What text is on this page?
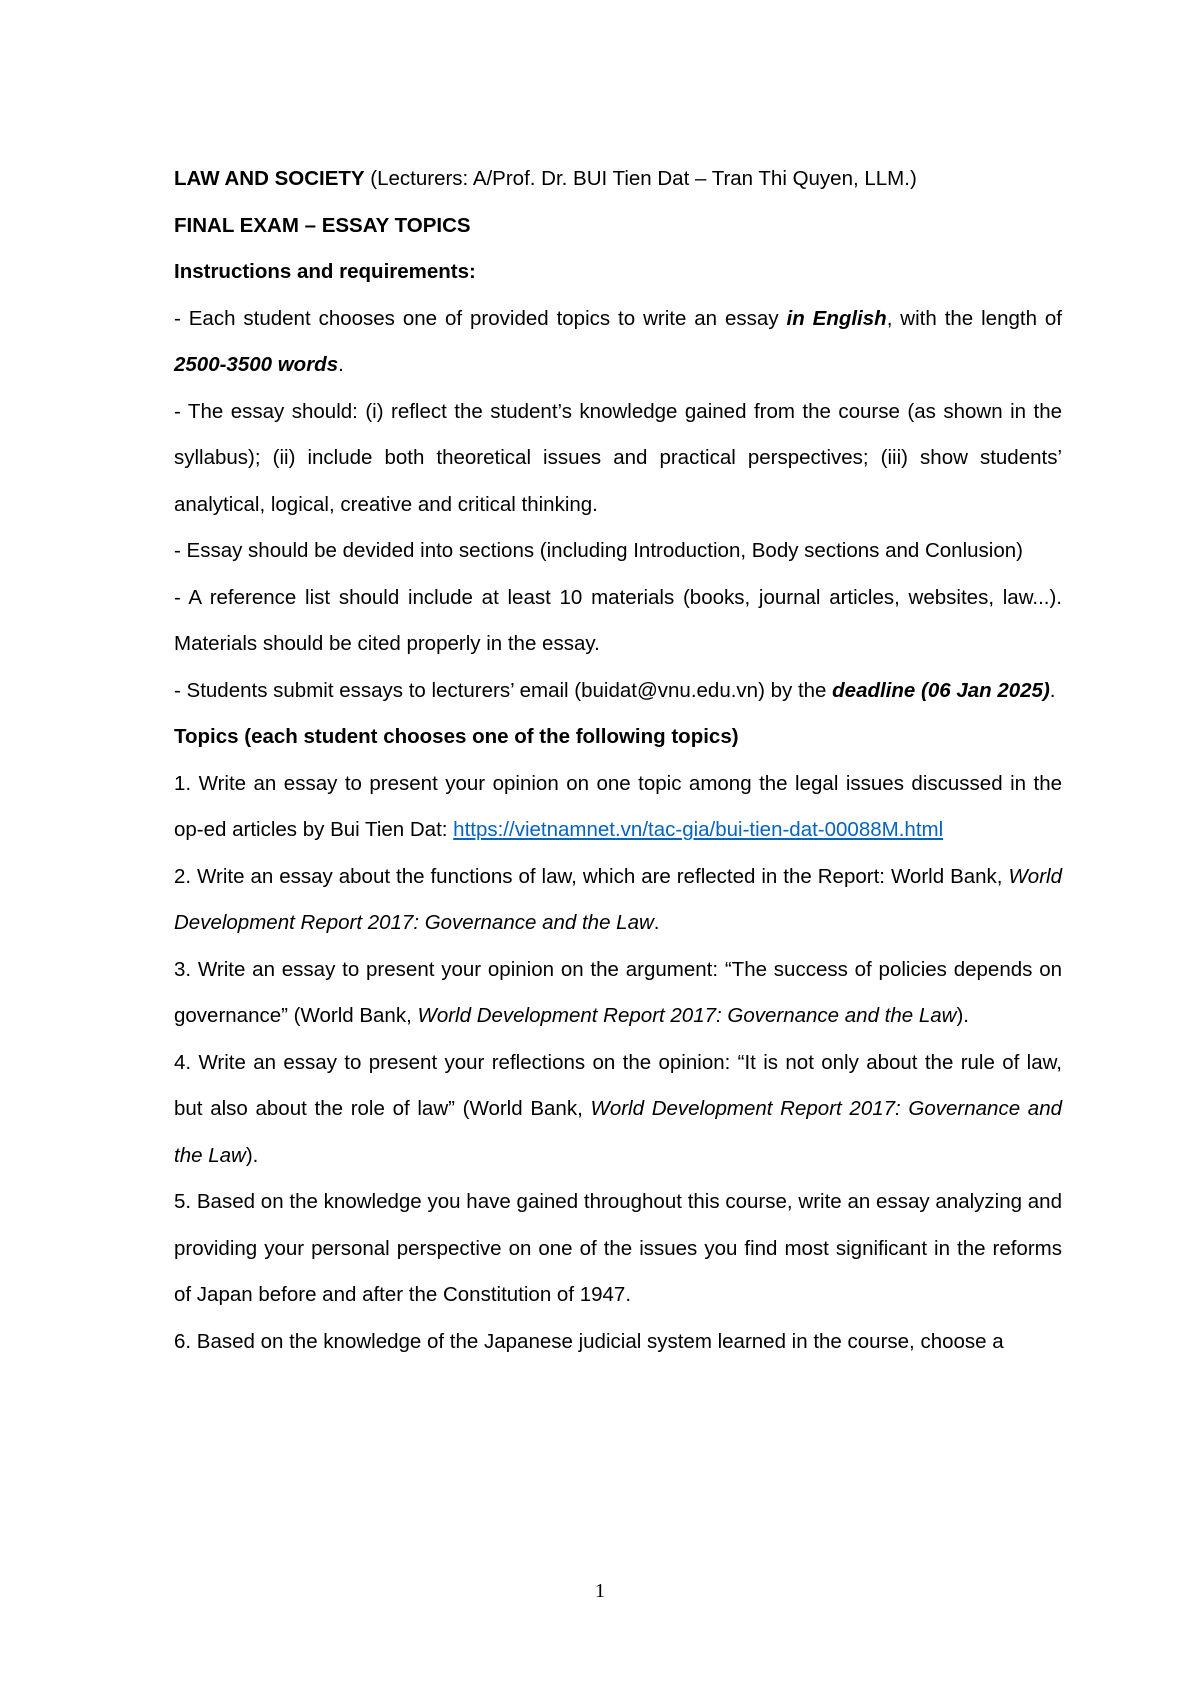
LAW AND SOCIETY (Lecturers: A/Prof. Dr. BUI Tien Dat – Tran Thi Quyen, LLM.)

FINAL EXAM – ESSAY TOPICS

Instructions and requirements:

- Each student chooses one of provided topics to write an essay in English, with the length of 2500-3500 words.

- The essay should: (i) reflect the student’s knowledge gained from the course (as shown in the syllabus); (ii) include both theoretical issues and practical perspectives; (iii) show students’ analytical, logical, creative and critical thinking.

- Essay should be devided into sections (including Introduction, Body sections and Conlusion)

- A reference list should include at least 10 materials (books, journal articles, websites, law...). Materials should be cited properly in the essay.

- Students submit essays to lecturers’ email (buidat@vnu.edu.vn) by the deadline (06 Jan 2025).

Topics (each student chooses one of the following topics)

1. Write an essay to present your opinion on one topic among the legal issues discussed in the op-ed articles by Bui Tien Dat: https://vietnamnet.vn/tac-gia/bui-tien-dat-00088M.html

2. Write an essay about the functions of law, which are reflected in the Report: World Bank, World Development Report 2017: Governance and the Law.

3. Write an essay to present your opinion on the argument: “The success of policies depends on governance” (World Bank, World Development Report 2017: Governance and the Law).

4. Write an essay to present your reflections on the opinion: “It is not only about the rule of law, but also about the role of law” (World Bank, World Development Report 2017: Governance and the Law).

5. Based on the knowledge you have gained throughout this course, write an essay analyzing and providing your personal perspective on one of the issues you find most significant in the reforms of Japan before and after the Constitution of 1947.

6. Based on the knowledge of the Japanese judicial system learned in the course, choose a

1
